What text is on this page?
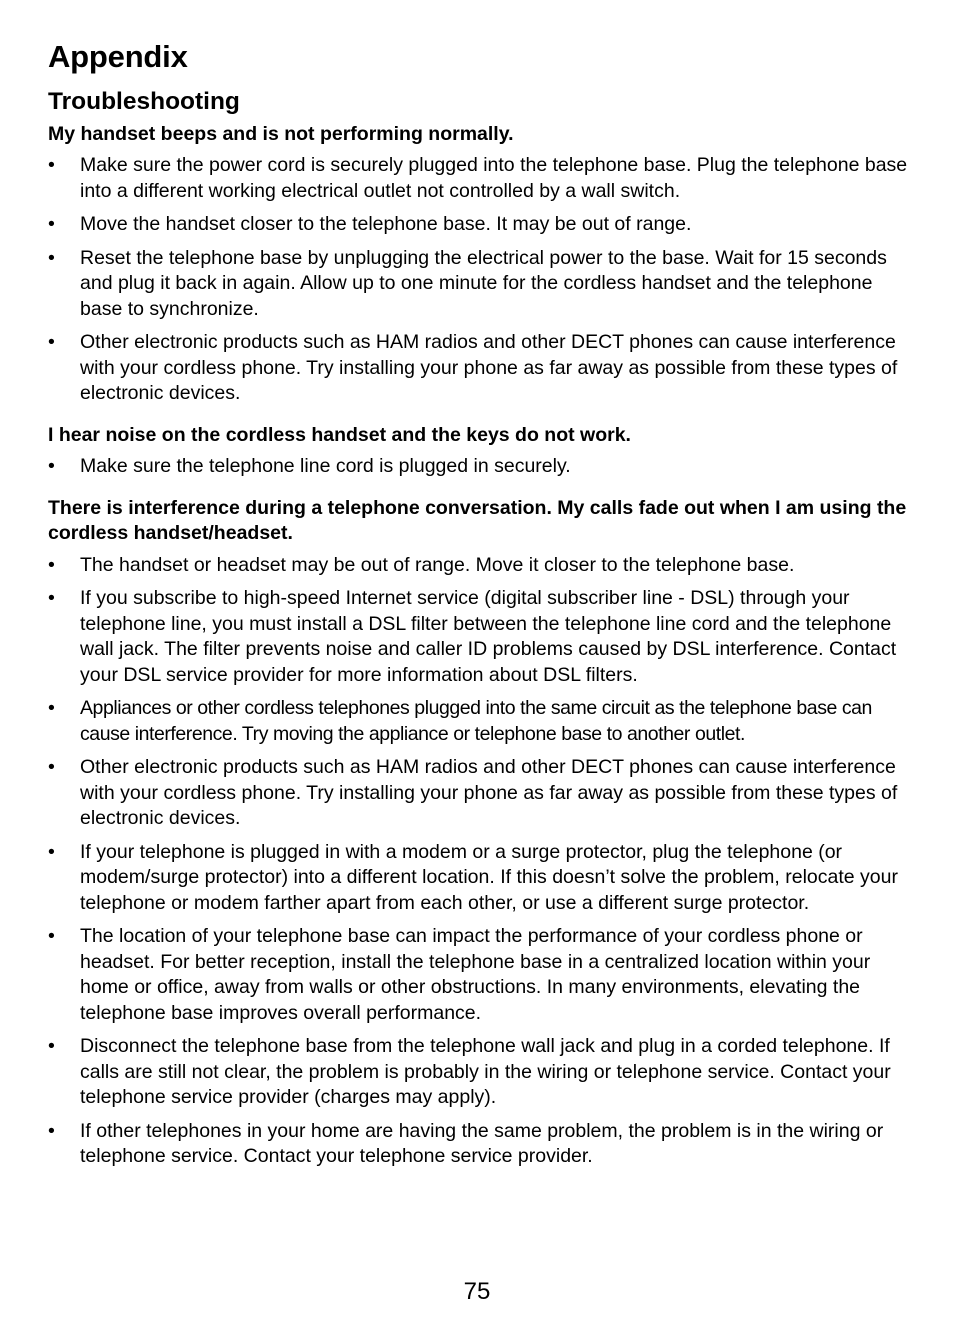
Appendix
Troubleshooting

My handset beeps and is not performing normally.

•	Make sure the power cord is securely plugged into the telephone base. Plug the telephone base into a different working electrical outlet not controlled by a wall switch.
•	Move the handset closer to the telephone base. It may be out of range.
•	Reset the telephone base by unplugging the electrical power to the base. Wait for 15 seconds and plug it back in again. Allow up to one minute for the cordless handset and the telephone base to synchronize.
•	Other electronic products such as HAM radios and other DECT phones can cause interference with your cordless phone. Try installing your phone as far away as possible from these types of electronic devices.

I hear noise on the cordless handset and the keys do not work.

•	Make sure the telephone line cord is plugged in securely.

There is interference during a telephone conversation. My calls fade out when I am using the cordless handset/headset.

•	The handset or headset may be out of range. Move it closer to the telephone base.
•	If you subscribe to high-speed Internet service (digital subscriber line - DSL) through your telephone line, you must install a DSL filter between the telephone line cord and the telephone wall jack. The filter prevents noise and caller ID problems caused by DSL interference. Contact your DSL service provider for more information about DSL filters.
•	Appliances or other cordless telephones plugged into the same circuit as the telephone base can cause interference. Try moving the appliance or telephone base to another outlet.
•	Other electronic products such as HAM radios and other DECT phones can cause interference with your cordless phone. Try installing your phone as far away as possible from these types of electronic devices.
•	If your telephone is plugged in with a modem or a surge protector, plug the telephone (or modem/surge protector) into a different location. If this doesn’t solve the problem, relocate your telephone or modem farther apart from each other, or use a different surge protector.
•	The location of your telephone base can impact the performance of your cordless phone or headset. For better reception, install the telephone base in a centralized location within your home or office, away from walls or other obstructions. In many environments, elevating the telephone base improves overall performance.
•	Disconnect the telephone base from the telephone wall jack and plug in a corded telephone. If calls are still not clear, the problem is probably in the wiring or telephone service. Contact your telephone service provider (charges may apply).
•	If other telephones in your home are having the same problem, the problem is in the wiring or telephone service. Contact your telephone service provider.
75
